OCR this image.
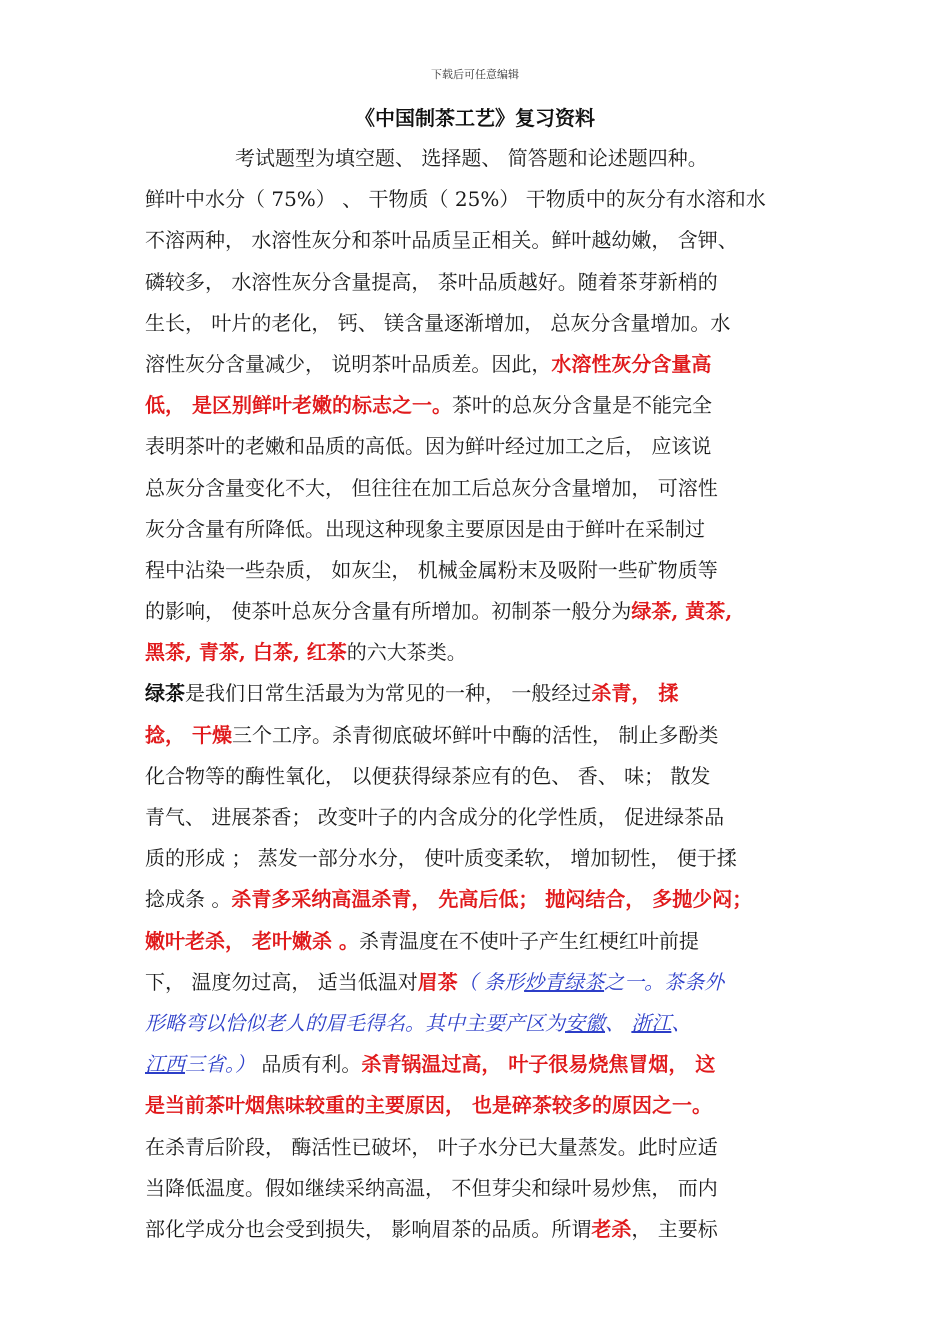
下载后可任意编辑
《中国制茶工艺》复习资料
考试题型为填空题、 选择题、 简答题和论述题四种。
鲜叶中水分（ 75%） 、 干物质（ 25%） 干物质中的灰分有水溶和水
不溶两种， 水溶性灰分和茶叶品质呈正相关。鲜叶越幼嫩， 含钾、
磷较多， 水溶性灰分含量提高， 茶叶品质越好。随着茶芽新梢的
生长， 叶片的老化， 钙、 镁含量逐渐增加， 总灰分含量增加。水
溶性灰分含量减少， 说明茶叶品质差。因此，水溶性灰分含量高
低， 是区别鲜叶老嫩的标志之一。茶叶的总灰分含量是不能完全
表明茶叶的老嫩和品质的高低。因为鲜叶经过加工之后， 应该说
总灰分含量变化不大， 但往往在加工后总灰分含量增加， 可溶性
灰分含量有所降低。出现这种现象主要原因是由于鲜叶在采制过
程中沾染一些杂质， 如灰尘， 机械金属粉末及吸附一些矿物质等
的影响， 使茶叶总灰分含量有所增加。初制茶一般分为绿茶, 黄茶,
黑茶, 青茶, 白茶, 红茶的六大茶类。
绿茶是我们日常生活最为为常见的一种， 一般经过杀青， 揉
捻， 干燥三个工序。杀青彻底破坏鲜叶中酶的活性， 制止多酚类
化合物等的酶性氧化， 以便获得绿茶应有的色、 香、 味； 散发
青气、 进展茶香； 改变叶子的内含成分的化学性质， 促进绿茶品
质的形成 ； 蒸发一部分水分， 使叶质变柔软， 增加韧性， 便于揉
捻成条 。杀青多采纳高温杀青， 先高后低； 抛闷结合， 多抛少闷；
嫩叶老杀， 老叶嫩杀 。杀青温度在不使叶子产生红梗红叶前提
下， 温度勿过高， 适当低温对眉茶（ 条形炒青绿茶之一。茶条外
形略弯以恰似老人的眉毛得名。其中主要产区为安徽、 浙江、
江西三省。） 品质有利。杀青锅温过高， 叶子很易烧焦冒烟， 这
是当前茶叶烟焦味较重的主要原因， 也是碎茶较多的原因之一。
在杀青后阶段， 酶活性已破坏， 叶子水分已大量蒸发。此时应适
当降低温度。假如继续采纳高温， 不但芽尖和绿叶易炒焦， 而内
部化学成分也会受到损失， 影响眉茶的品质。所谓老杀， 主要标
